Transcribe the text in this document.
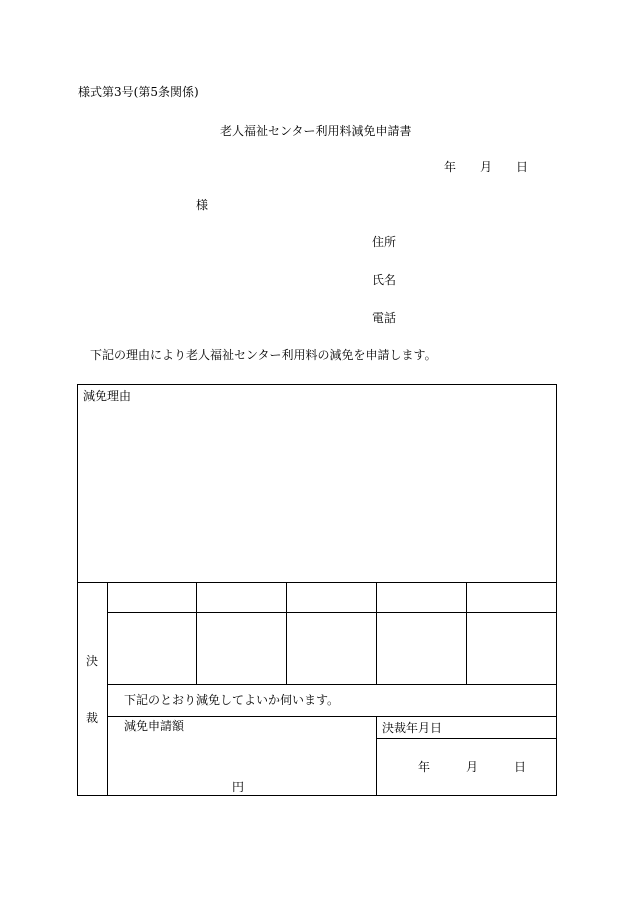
様式第3号(第5条関係)
老人福祉センター利用料減免申請書
年 月 日
様
住所
氏名
電話
下記の理由により老人福祉センター利用料の減免を申請します。
減免理由
決
裁
下記のとおり減免してよいか伺います。
減免申請額
円
決裁年月日
年	月	日
